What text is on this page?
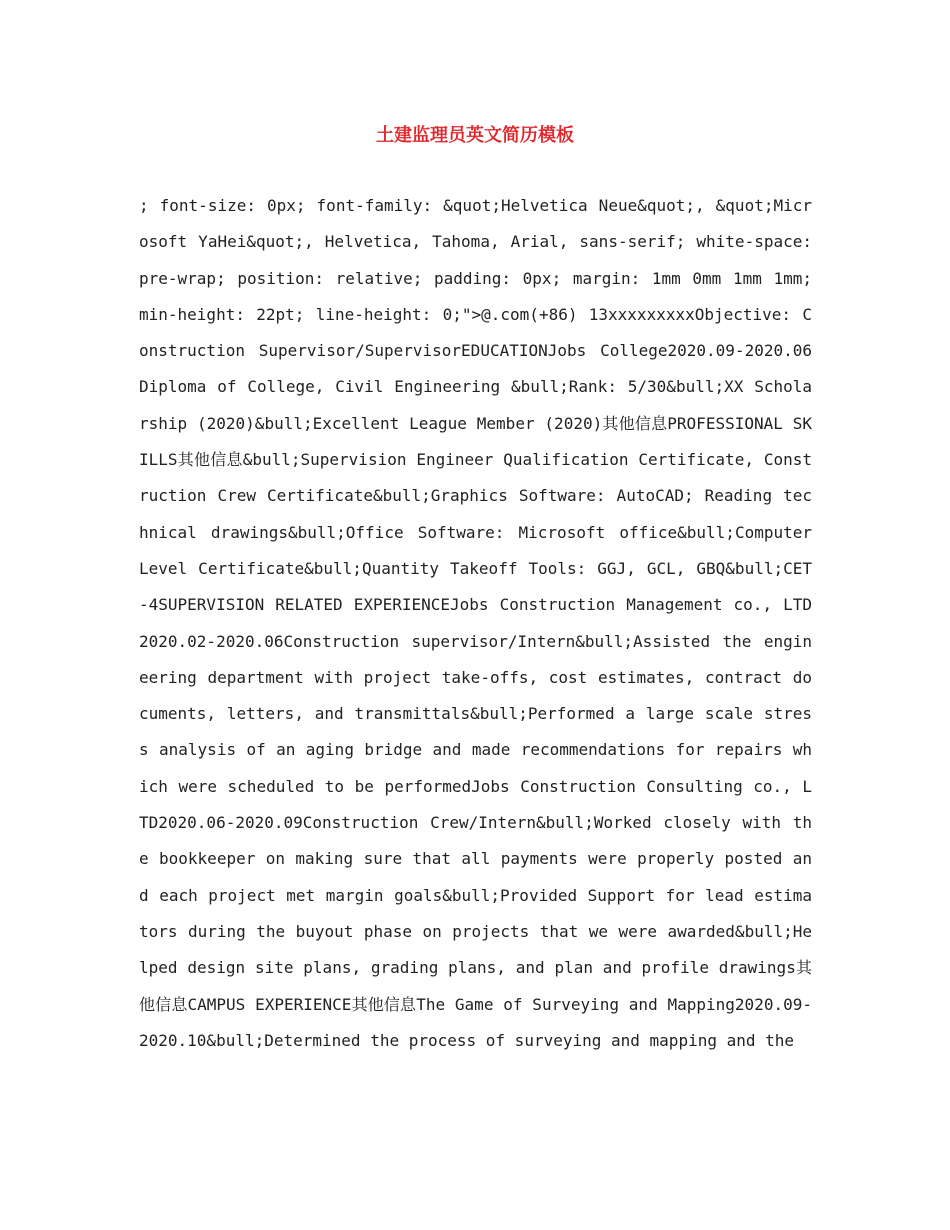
土建监理员英文简历模板
; font-size: 0px; font-family: &quot;Helvetica Neue&quot;, &quot;Microsoft YaHei&quot;, Helvetica, Tahoma, Arial, sans-serif; white-space: pre-wrap; position: relative; padding: 0px; margin: 1mm 0mm 1mm 1mm; min-height: 22pt; line-height: 0;">@.com(+86) 13xxxxxxxxxObjective: Construction Supervisor/SupervisorEDUCATIONJobs College2020.09-2020.06Diploma of College, Civil Engineering &bull;Rank: 5/30&bull;XX Scholarship (2020)&bull;Excellent League Member (2020)其他信息PROFESSIONAL SKILLS其他信息&bull;Supervision Engineer Qualification Certificate, Construction Crew Certificate&bull;Graphics Software: AutoCAD; Reading technical drawings&bull;Office Software: Microsoft office&bull;Computer Level Certificate&bull;Quantity Takeoff Tools: GGJ, GCL, GBQ&bull;CET-4SUPERVISION RELATED EXPERIENCEJobs Construction Management co., LTD2020.02-2020.06Construction supervisor/Intern&bull;Assisted the engineering department with project take-offs, cost estimates, contract documents, letters, and transmittals&bull;Performed a large scale stress analysis of an aging bridge and made recommendations for repairs which were scheduled to be performedJobs Construction Consulting co., LTD2020.06-2020.09Construction Crew/Intern&bull;Worked closely with the bookkeeper on making sure that all payments were properly posted and each project met margin goals&bull;Provided Support for lead estimators during the buyout phase on projects that we were awarded&bull;Helped design site plans, grading plans, and plan and profile drawings其他信息CAMPUS EXPERIENCE其他信息The Game of Surveying and Mapping2020.09-2020.10&bull;Determined the process of surveying and mapping and the
